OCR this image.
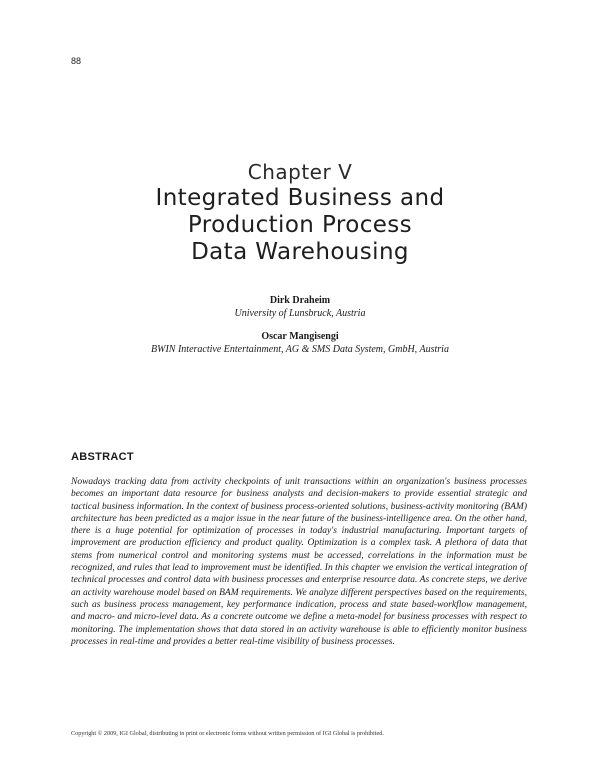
88
Chapter V
Integrated Business and
Production Process
Data Warehousing
Dirk Draheim
University of Lunsbruck, Austria
Oscar Mangisengi
BWIN Interactive Entertainment, AG & SMS Data System, GmbH, Austria
ABSTRACT

Nowadays tracking data from activity checkpoints of unit transactions within an organization's business processes becomes an important data resource for business analysts and decision-makers to provide essential strategic and tactical business information. In the context of business process-oriented solutions, business-activity monitoring (BAM) architecture has been predicted as a major issue in the near future of the business-intelligence area. On the other hand, there is a huge potential for optimization of processes in today's industrial manufacturing. Important targets of improvement are production efficiency and product quality. Optimization is a complex task. A plethora of data that stems from numerical control and monitoring systems must be accessed, correlations in the information must be recognized, and rules that lead to improvement must be identified. In this chapter we envision the vertical integration of technical processes and control data with business processes and enterprise resource data. As concrete steps, we derive an activity warehouse model based on BAM requirements. We analyze different perspectives based on the requirements, such as business process management, key performance indication, process and state based-workflow management, and macro- and micro-level data. As a concrete outcome we define a meta-model for business processes with respect to monitoring. The implementation shows that data stored in an activity warehouse is able to efficiently monitor business processes in real-time and provides a better real-time visibility of business processes.

Copyright © 2009, IGI Global, distributing in print or electronic forms without written permission of IGI Global is prohibited.
